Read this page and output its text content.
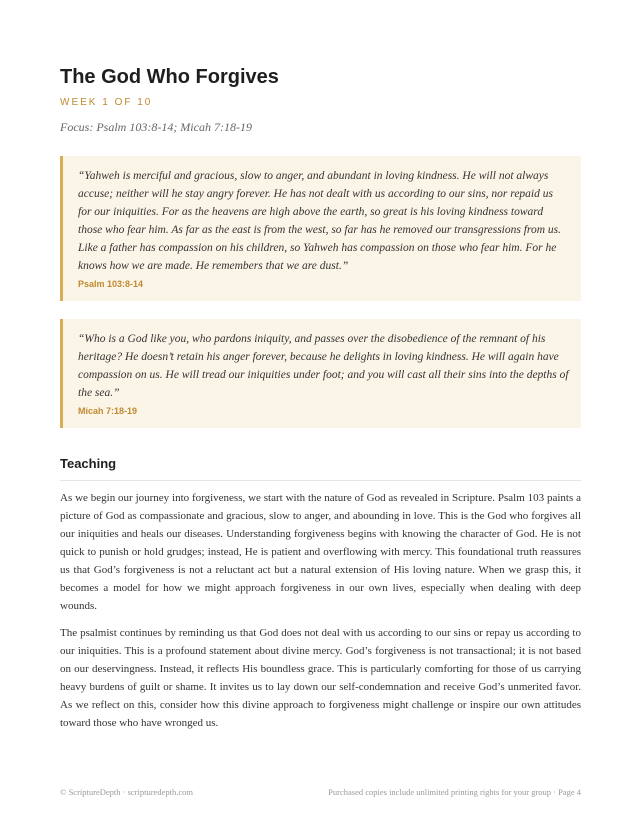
The God Who Forgives
WEEK 1 OF 10
Focus: Psalm 103:8-14; Micah 7:18-19

“Yahweh is merciful and gracious, slow to anger, and abundant in loving kindness. He will not always accuse; neither will he stay angry forever. He has not dealt with us according to our sins, nor repaid us for our iniquities. For as the heavens are high above the earth, so great is his loving kindness toward those who fear him. As far as the east is from the west, so far has he removed our transgressions from us. Like a father has compassion on his children, so Yahweh has compassion on those who fear him. For he knows how we are made. He remembers that we are dust.”

Psalm 103:8-14

“Who is a God like you, who pardons iniquity, and passes over the disobedience of the remnant of his heritage? He doesn’t retain his anger forever, because he delights in loving kindness. He will again have compassion on us. He will tread our iniquities under foot; and you will cast all their sins into the depths of the sea.”

Micah 7:18-19
Teaching

As we begin our journey into forgiveness, we start with the nature of God as revealed in Scripture. Psalm 103 paints a picture of God as compassionate and gracious, slow to anger, and abounding in love. This is the God who forgives all our iniquities and heals our diseases. Understanding forgiveness begins with knowing the character of God. He is not quick to punish or hold grudges; instead, He is patient and overflowing with mercy. This foundational truth reassures us that God’s forgiveness is not a reluctant act but a natural extension of His loving nature. When we grasp this, it becomes a model for how we might approach forgiveness in our own lives, especially when dealing with deep wounds.

The psalmist continues by reminding us that God does not deal with us according to our sins or repay us according to our iniquities. This is a profound statement about divine mercy. God’s forgiveness is not transactional; it is not based on our deservingness. Instead, it reflects His boundless grace. This is particularly comforting for those of us carrying heavy burdens of guilt or shame. It invites us to lay down our self-condemnation and receive God’s unmerited favor. As we reflect on this, consider how this divine approach to forgiveness might challenge or inspire our own attitudes toward those who have wronged us.

© ScriptureDepth · scripturedepth.com	Purchased copies include unlimited printing rights for your group · Page 4
